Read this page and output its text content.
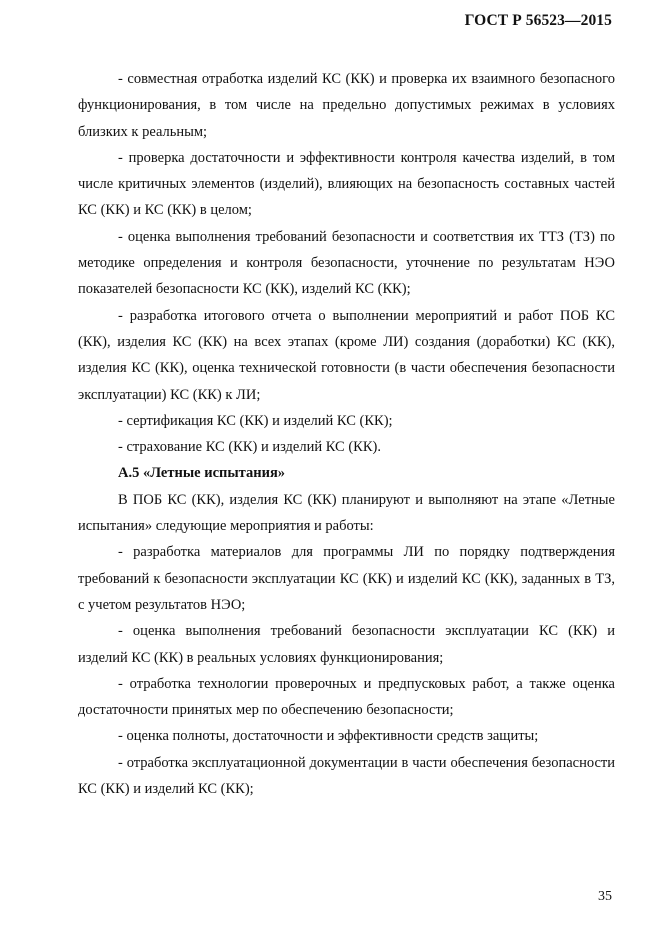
ГОСТ Р 56523—2015

- совместная отработка изделий КС (КК) и проверка их взаимного безопасного функционирования, в том числе на предельно допустимых режимах в условиях близких к реальным;

- проверка достаточности и эффективности контроля качества изделий, в том числе критичных элементов (изделий), влияющих на безопасность составных частей КС (КК) и КС (КК) в целом;

- оценка выполнения требований безопасности и соответствия их ТТЗ (ТЗ) по методике определения и контроля безопасности, уточнение по результатам НЭО показателей безопасности КС (КК), изделий КС (КК);

- разработка итогового отчета о выполнении мероприятий и работ ПОБ КС (КК), изделия КС (КК) на всех этапах (кроме ЛИ) создания (доработки) КС (КК), изделия КС (КК), оценка технической готовности (в части обеспечения безопасности эксплуатации) КС (КК) к ЛИ;

- сертификация КС (КК) и изделий КС (КК);

- страхование КС (КК) и изделий КС (КК).

А.5 «Летные испытания»

В ПОБ КС (КК), изделия КС (КК) планируют и выполняют на этапе «Летные испытания» следующие мероприятия и работы:

- разработка материалов для программы ЛИ по порядку подтверждения требований к безопасности эксплуатации КС (КК) и изделий КС (КК), заданных в ТЗ, с учетом результатов НЭО;

- оценка выполнения требований безопасности эксплуатации КС (КК) и изделий КС (КК) в реальных условиях функционирования;

- отработка технологии проверочных и предпусковых работ, а также оценка достаточности принятых мер по обеспечению безопасности;

- оценка полноты, достаточности и эффективности средств защиты;

- отработка эксплуатационной документации в части обеспечения безопасности КС (КК) и изделий КС (КК);

35
